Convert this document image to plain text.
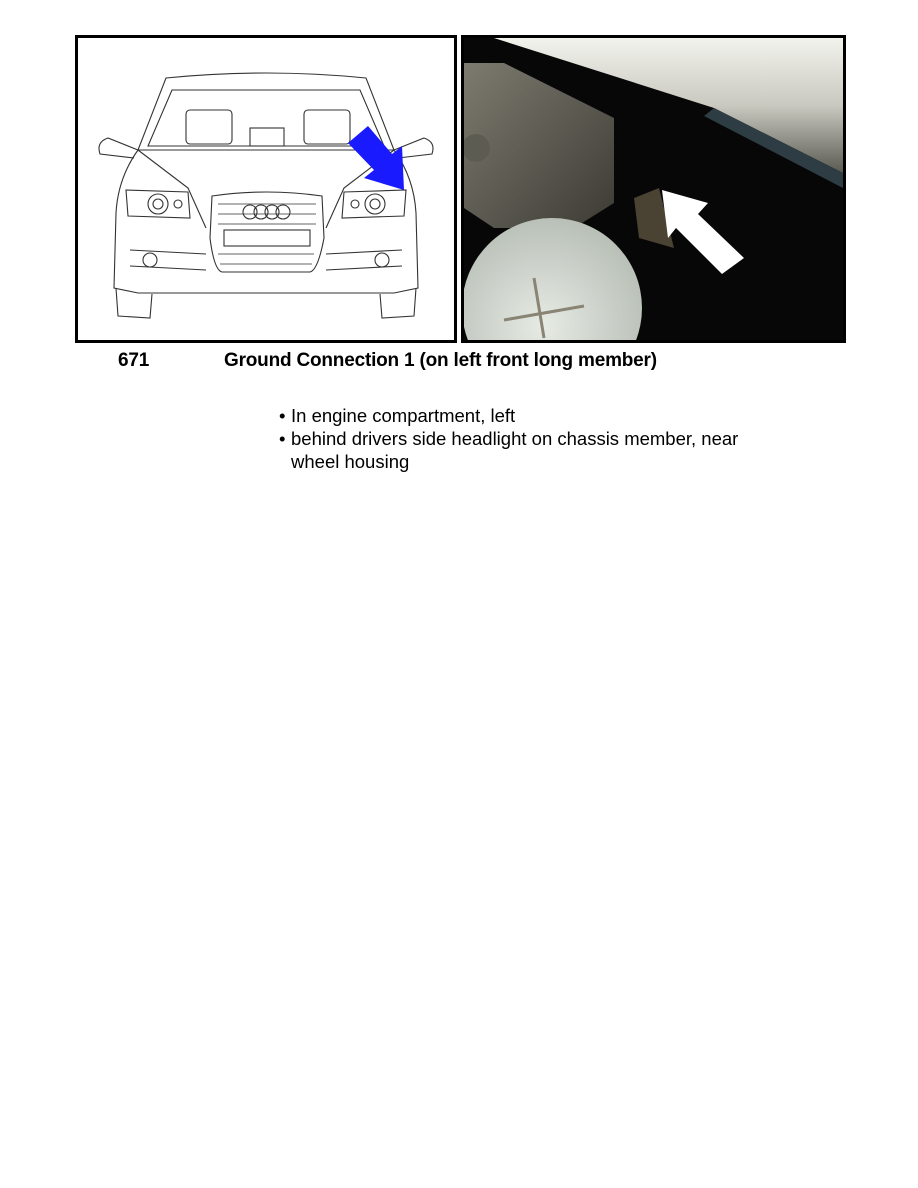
671	Ground Connection 1 (on left front long member)
• In engine compartment, left
• behind drivers side headlight on chassis member, near wheel housing
